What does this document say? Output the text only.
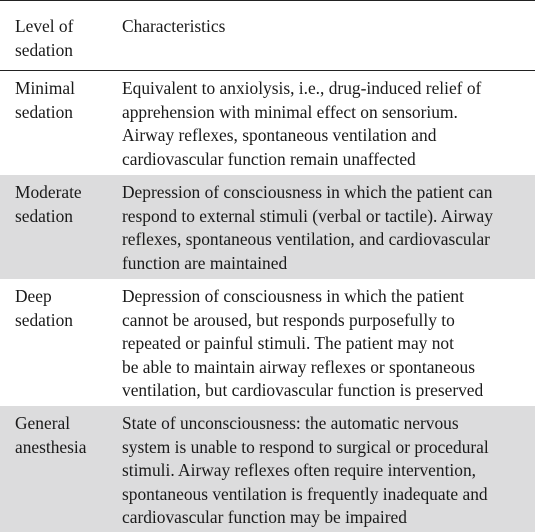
Level of
sedation
Characteristics
Minimal
sedation
Equivalent to anxiolysis, i.e., drug-induced relief of
apprehension with minimal effect on sensorium.
Airway reflexes, spontaneous ventilation and
cardiovascular function remain unaffected
Moderate
sedation
Depression of consciousness in which the patient can
respond to external stimuli (verbal or tactile). Airway
reflexes, spontaneous ventilation, and cardiovascular
function are maintained
Deep
sedation
Depression of consciousness in which the patient
cannot be aroused, but responds purposefully to
repeated or painful stimuli. The patient may not
be able to maintain airway reflexes or spontaneous
ventilation, but cardiovascular function is preserved
General
anesthesia
State of unconsciousness: the automatic nervous
system is unable to respond to surgical or procedural
stimuli. Airway reflexes often require intervention,
spontaneous ventilation is frequently inadequate and
cardiovascular function may be impaired
